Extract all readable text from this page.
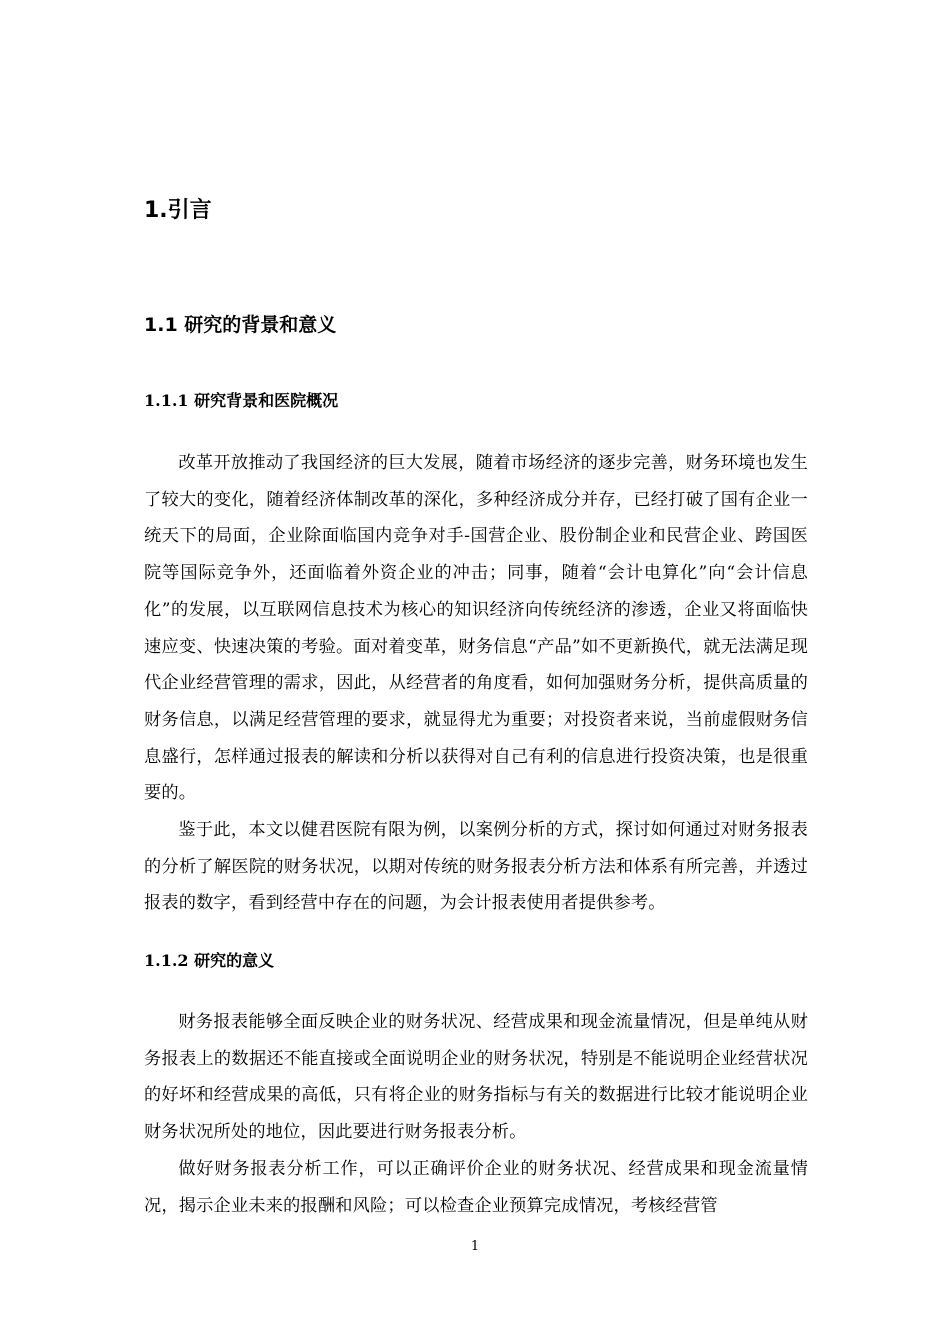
1.引言
1.1 研究的背景和意义
1.1.1 研究背景和医院概况

改革开放推动了我国经济的巨大发展，随着市场经济的逐步完善，财务环境也发生了较大的变化，随着经济体制改革的深化，多种经济成分并存，已经打破了国有企业一统天下的局面，企业除面临国内竞争对手-国营企业、股份制企业和民营企业、跨国医院等国际竞争外，还面临着外资企业的冲击；同事，随着“会计电算化”向“会计信息化”的发展，以互联网信息技术为核心的知识经济向传统经济的渗透，企业又将面临快速应变、快速决策的考验。面对着变革，财务信息“产品”如不更新换代，就无法满足现代企业经营管理的需求，因此，从经营者的角度看，如何加强财务分析，提供高质量的财务信息，以满足经营管理的要求，就显得尤为重要；对投资者来说，当前虚假财务信息盛行，怎样通过报表的解读和分析以获得对自己有利的信息进行投资决策，也是很重要的。

鉴于此，本文以健君医院有限为例，以案例分析的方式，探讨如何通过对财务报表的分析了解医院的财务状况，以期对传统的财务报表分析方法和体系有所完善，并透过报表的数字，看到经营中存在的问题，为会计报表使用者提供参考。

1.1.2 研究的意义

财务报表能够全面反映企业的财务状况、经营成果和现金流量情况，但是单纯从财务报表上的数据还不能直接或全面说明企业的财务状况，特别是不能说明企业经营状况的好坏和经营成果的高低，只有将企业的财务指标与有关的数据进行比较才能说明企业财务状况所处的地位，因此要进行财务报表分析。

做好财务报表分析工作，可以正确评价企业的财务状况、经营成果和现金流量情况，揭示企业未来的报酬和风险；可以检查企业预算完成情况，考核经营管

1
